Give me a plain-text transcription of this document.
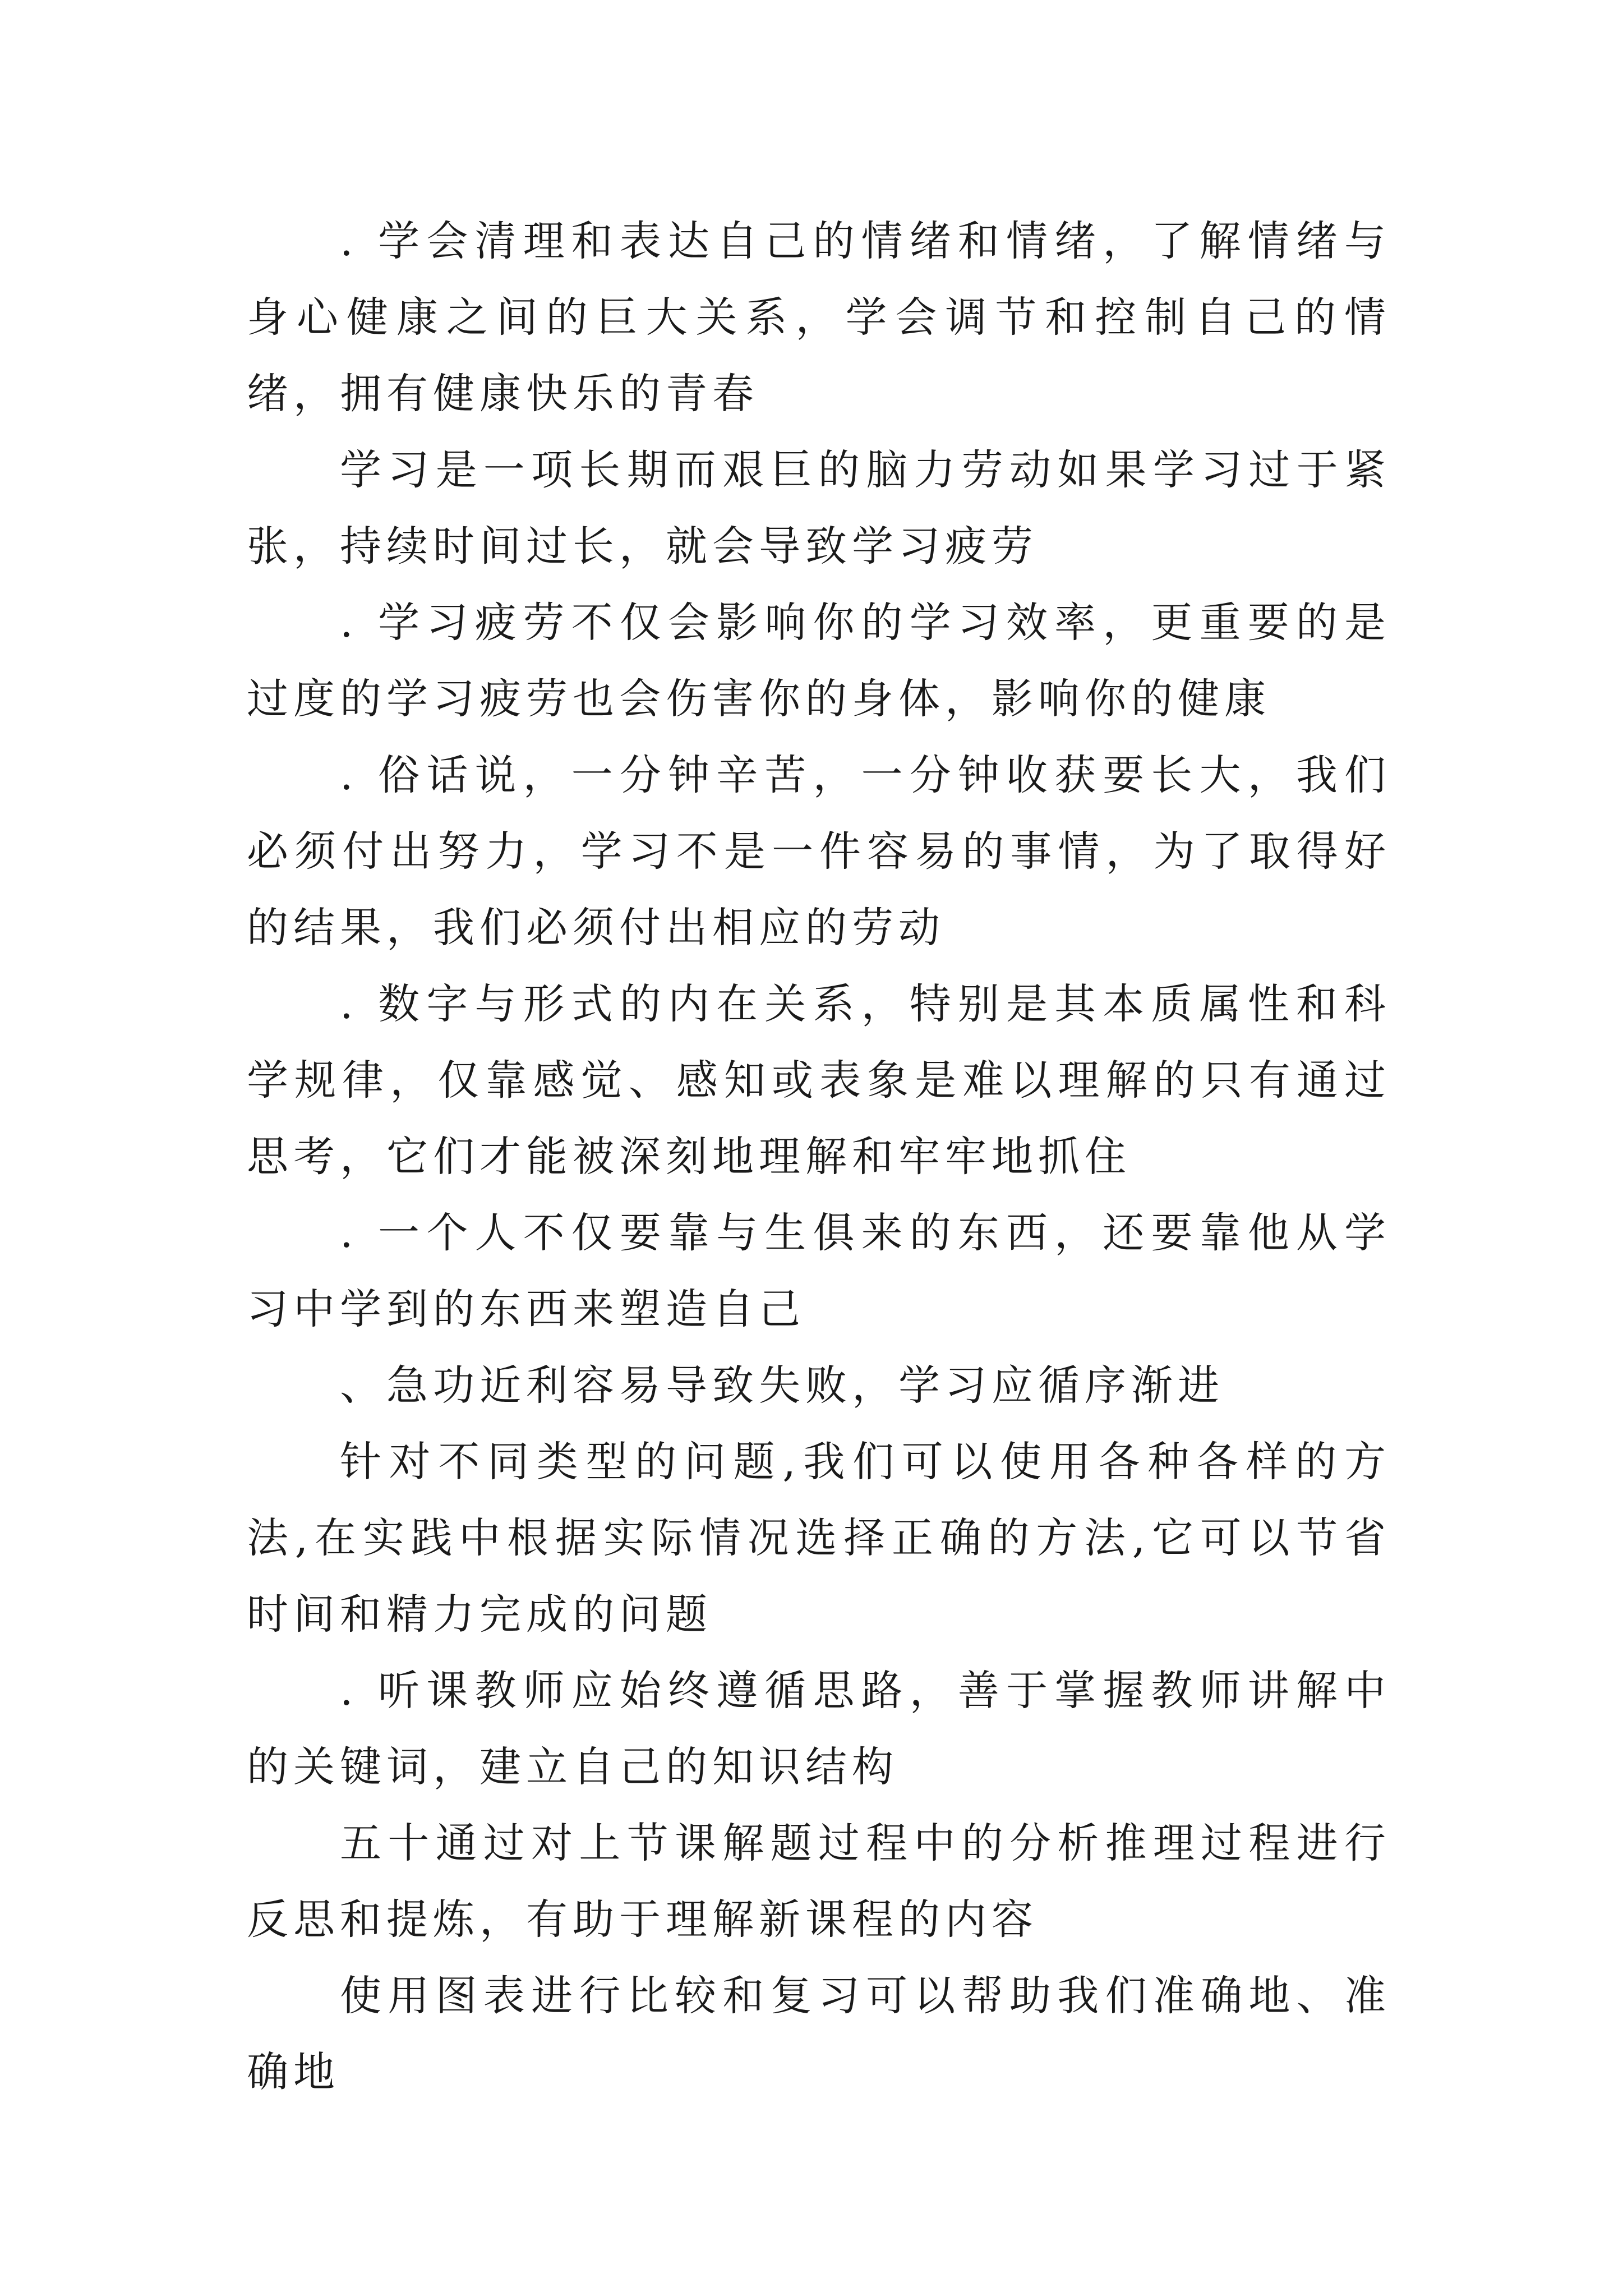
. 学会清理和表达自己的情绪和情绪，了解情绪与身心健康之间的巨大关系，学会调节和控制自己的情绪，拥有健康快乐的青春

学习是一项长期而艰巨的脑力劳动如果学习过于紧张，持续时间过长，就会导致学习疲劳

. 学习疲劳不仅会影响你的学习效率，更重要的是过度的学习疲劳也会伤害你的身体，影响你的健康

. 俗话说，一分钟辛苦，一分钟收获要长大，我们必须付出努力，学习不是一件容易的事情，为了取得好的结果，我们必须付出相应的劳动

. 数字与形式的内在关系，特别是其本质属性和科学规律，仅靠感觉、感知或表象是难以理解的只有通过思考，它们才能被深刻地理解和牢牢地抓住

. 一个人不仅要靠与生俱来的东西，还要靠他从学习中学到的东西来塑造自己

、急功近利容易导致失败，学习应循序渐进

针对不同类型的问题,我们可以使用各种各样的方法,在实践中根据实际情况选择正确的方法,它可以节省时间和精力完成的问题

. 听课教师应始终遵循思路，善于掌握教师讲解中的关键词，建立自己的知识结构

五十通过对上节课解题过程中的分析推理过程进行反思和提炼，有助于理解新课程的内容

使用图表进行比较和复习可以帮助我们准确地、准确地
